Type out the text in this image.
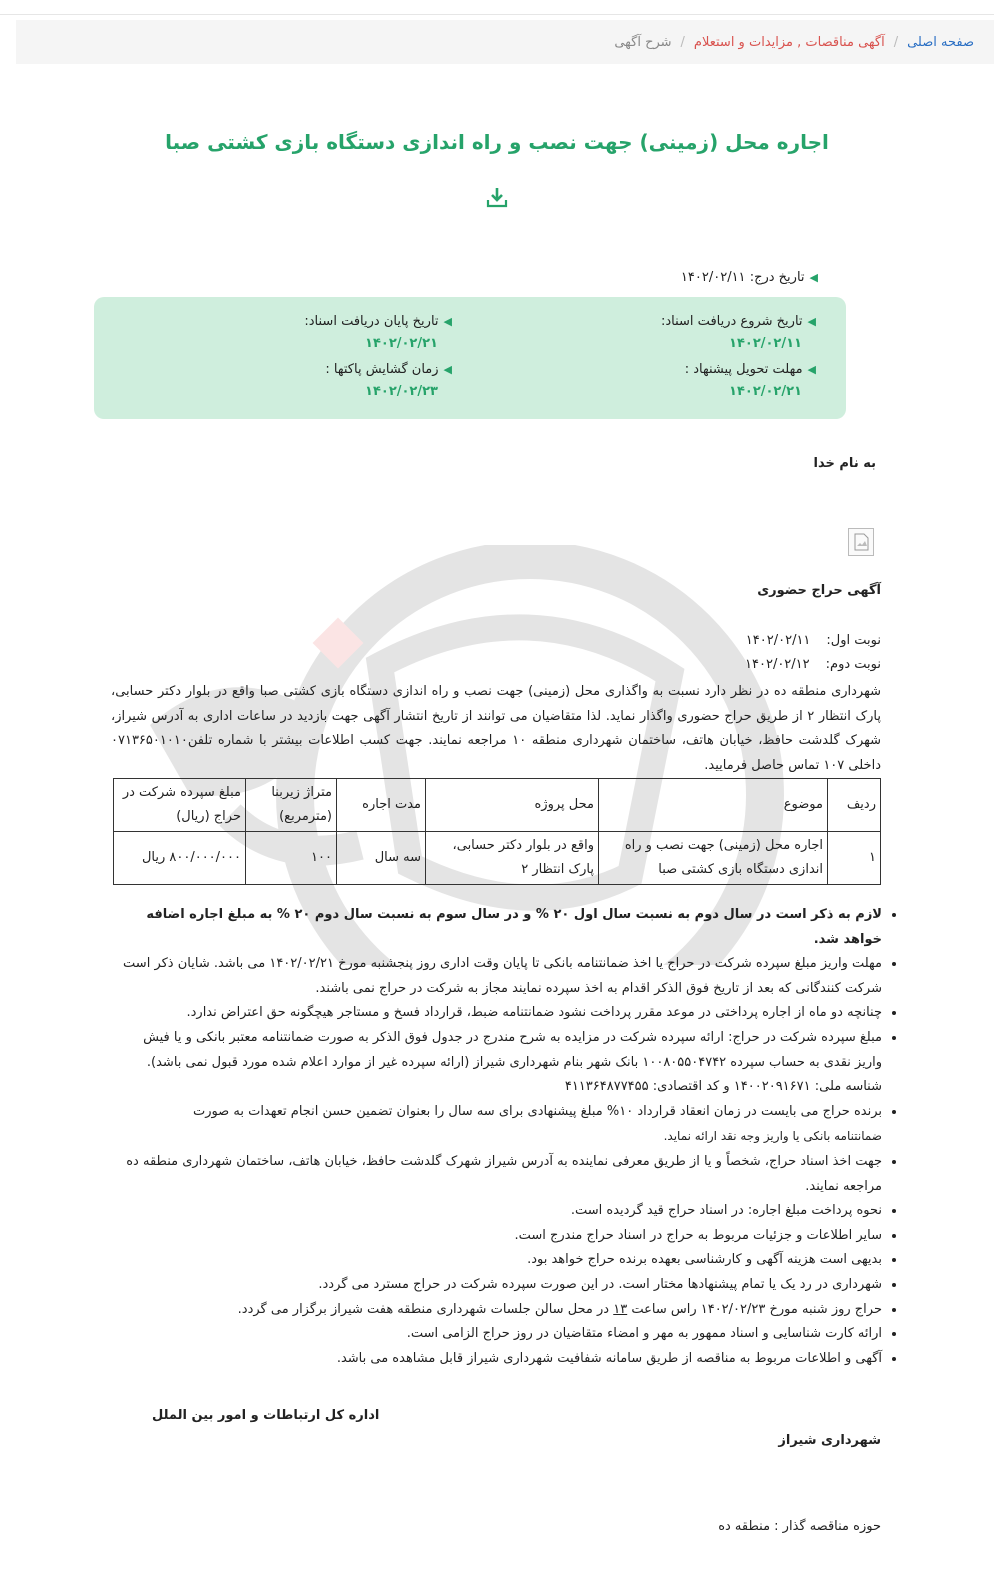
صفحه اصلی
/
آگهی مناقصات , مزایدات و استعلام
/
شرح آگهی
اجاره محل (زمینی) جهت نصب و راه اندازی دستگاه بازی کشتی صبا
◀تاریخ درج: ۱۴۰۲/۰۲/۱۱
◀تاریخ شروع دریافت اسناد:
۱۴۰۲/۰۲/۱۱
◀تاریخ پایان دریافت اسناد:
۱۴۰۲/۰۲/۲۱
◀مهلت تحویل پیشنهاد :
۱۴۰۲/۰۲/۲۱
◀زمان گشایش پاکتها :
۱۴۰۲/۰۲/۲۳
به نام خدا
آگهی حراج حضوری
نوبت اول:۱۴۰۲/۰۲/۱۱
نوبت دوم:۱۴۰۲/۰۲/۱۲

شهرداری منطقه ده در نظر دارد نسبت به واگذاری محل (زمینی) جهت نصب و راه اندازی دستگاه بازی کشتی صبا واقع در بلوار دکتر حسابی، پارک انتظار ۲ از طریق حراج حضوری واگذار نماید. لذا متقاضیان می توانند از تاریخ انتشار آگهی جهت بازدید در ساعات اداری به آدرس شیراز، شهرک گلدشت حافظ، خیابان هاتف، ساختمان شهرداری منطقه ۱۰ مراجعه نمایند. جهت کسب اطلاعات بیشتر با شماره تلفن۰۷۱۳۶۵۰۱۰۱۰ داخلی ۱۰۷ تماس حاصل فرمایید.

ردیف	موضوع	محل پروژه	مدت اجاره	متراژ زیربنا (مترمربع)	مبلغ سپرده شرکت در حراج (ریال)
۱	اجاره محل (زمینی) جهت نصب و راه اندازی دستگاه بازی کشتی صبا	واقع در بلوار دکتر حسابی، پارک انتظار ۲	سه سال	۱۰۰	۸۰۰/۰۰۰/۰۰۰ ریال
• لازم به ذکر است در سال دوم به نسبت سال اول ۲۰ % و در سال سوم به نسبت سال دوم ۲۰ % به مبلغ اجاره اضافه خواهد شد.
• مهلت واریز مبلغ سپرده شرکت در حراج یا اخذ ضمانتنامه بانکی تا پایان وقت اداری روز پنجشنبه مورخ ۱۴۰۲/۰۲/۲۱ می باشد. شایان ذکر است شرکت کنندگانی که بعد از تاریخ فوق الذکر اقدام به اخذ سپرده نمایند مجاز به شرکت در حراج نمی باشند.
• چنانچه دو ماه از اجاره پرداختی در موعد مقرر پرداخت نشود ضمانتنامه ضبط، قرارداد فسخ و مستاجر هیچگونه حق اعتراض ندارد.
• مبلغ سپرده شرکت در حراج: ارائه سپرده شرکت در مزایده به شرح مندرج در جدول فوق الذکر به صورت ضمانتنامه معتبر بانکی و یا فیش واریز نقدی به حساب سپرده ۱۰۰۸۰۵۵۰۴۷۴۲ بانک شهر بنام شهرداری شیراز (ارائه سپرده غیر از موارد اعلام شده مورد قبول نمی باشد). شناسه ملی: ۱۴۰۰۲۰۹۱۶۷۱ و کد اقتصادی: ۴۱۱۳۶۴۸۷۷۴۵۵
• برنده حراج می بایست در زمان انعقاد قرارداد ۱۰% مبلغ پیشنهادی برای سه سال را بعنوان تضمین حسن انجام تعهدات به صورت
ضمانتنامه بانکی یا واریز وجه نقد ارائه نماید.
• جهت اخذ اسناد حراج، شخصاً و یا از طریق معرفی نماینده به آدرس شیراز شهرک گلدشت حافظ، خیابان هاتف، ساختمان شهرداری منطقه ده مراجعه نمایند.
• نحوه پرداخت مبلغ اجاره: در اسناد حراج قید گردیده است.
• سایر اطلاعات و جزئیات مربوط به حراج در اسناد حراج مندرج است.
• بدیهی است هزینه آگهی و کارشناسی بعهده برنده حراج خواهد بود.
• شهرداری در رد یک یا تمام پیشنهادها مختار است. در این صورت سپرده شرکت در حراج مسترد می گردد.
• حراج روز شنبه مورخ ۱۴۰۲/۰۲/۲۳ راس ساعت ۱۳ در محل سالن جلسات شهرداری منطقه هفت شیراز برگزار می گردد.
• ارائه کارت شناسایی و اسناد ممهور به مهر و امضاء متقاضیان در روز حراج الزامی است.
• آگهی و اطلاعات مربوط به مناقصه از طریق سامانه شفافیت شهرداری شیراز قابل مشاهده می باشد.
اداره کل ارتباطات و امور بین الملل
شهرداری شیراز
حوزه مناقصه گذار : منطقه ده
